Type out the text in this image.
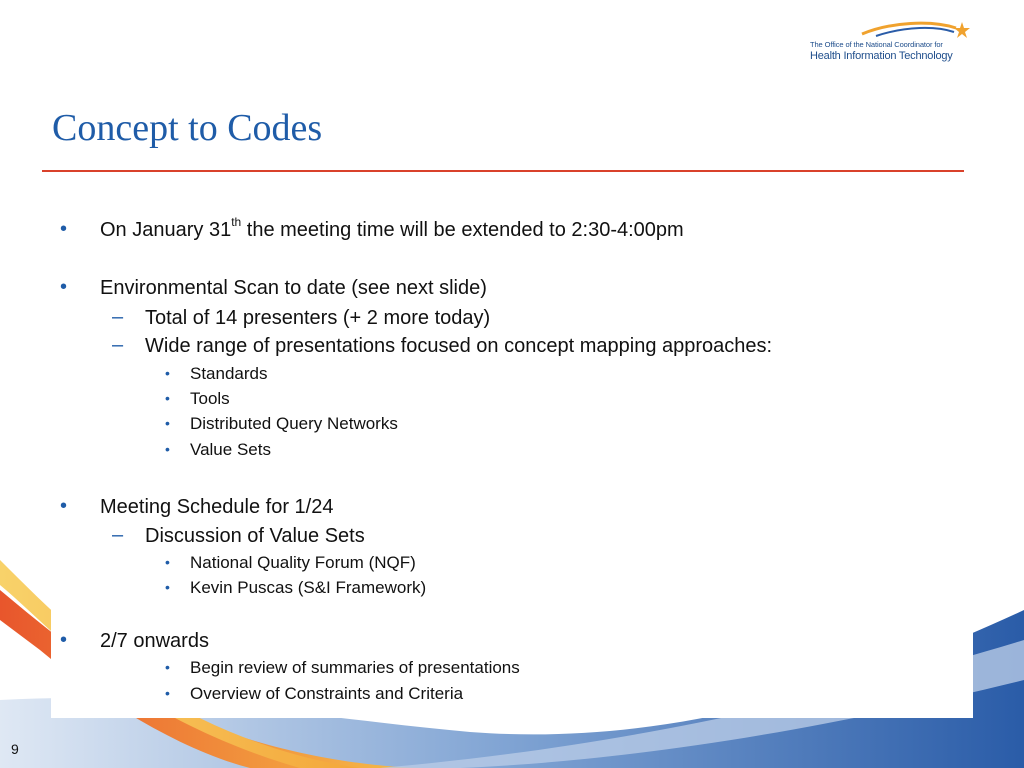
The Office of the National Coordinator for
Health Information Technology
Concept to Codes
• On January 31th the meeting time will be extended to 2:30-4:00pm
• Environmental Scan to date (see next slide)
– Total of 14 presenters (+ 2 more today)
– Wide range of presentations focused on concept mapping approaches:
• Standards
• Tools
• Distributed Query Networks
• Value Sets
• Meeting Schedule for 1/24
– Discussion of Value Sets
• National Quality Forum (NQF)
• Kevin Puscas (S&I Framework)
• 2/7 onwards
• Begin review of summaries of presentations
• Overview of Constraints and Criteria
9
